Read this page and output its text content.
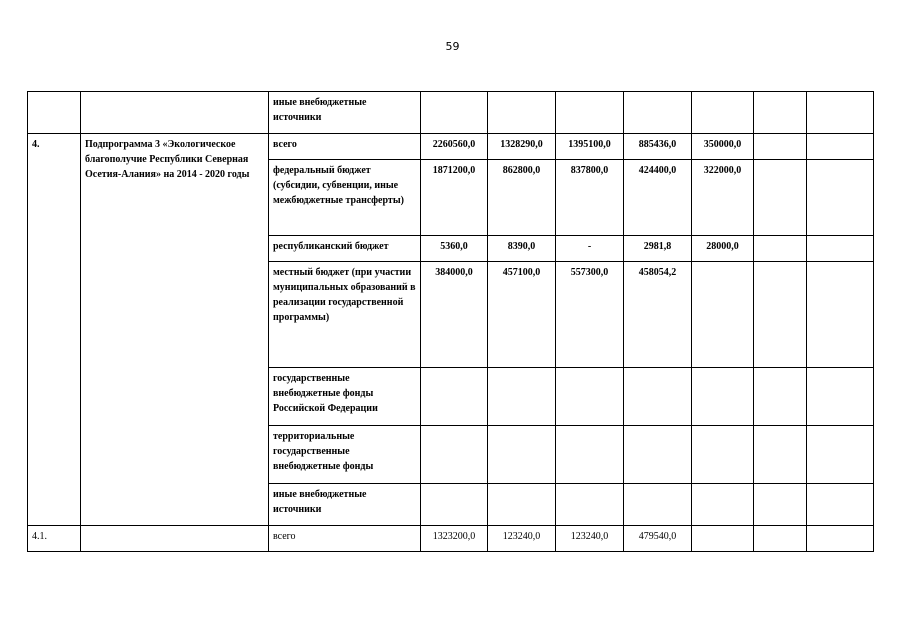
59
		иные внебюджетные источники							
4.	Подпрограмма 3 «Экологическое благополучие Республики Северная Осетия-Алания» на 2014 - 2020 годы	всего	2260560,0	1328290,0	1395100,0	885436,0	350000,0		
		федеральный бюджет (субсидии, субвенции, иные межбюджетные трансферты)	1871200,0	862800,0	837800,0	424400,0	322000,0		
		республиканский бюджет	5360,0	8390,0	-	2981,8	28000,0		
		местный бюджет (при участии муниципальных образований в реализации государственной программы)	384000,0	457100,0	557300,0	458054,2			
		государственные внебюджетные фонды Российской Федерации							
		территориальные государственные внебюджетные фонды							
		иные внебюджетные источники							
4.1.		всего	1323200,0	123240,0	123240,0	479540,0			
